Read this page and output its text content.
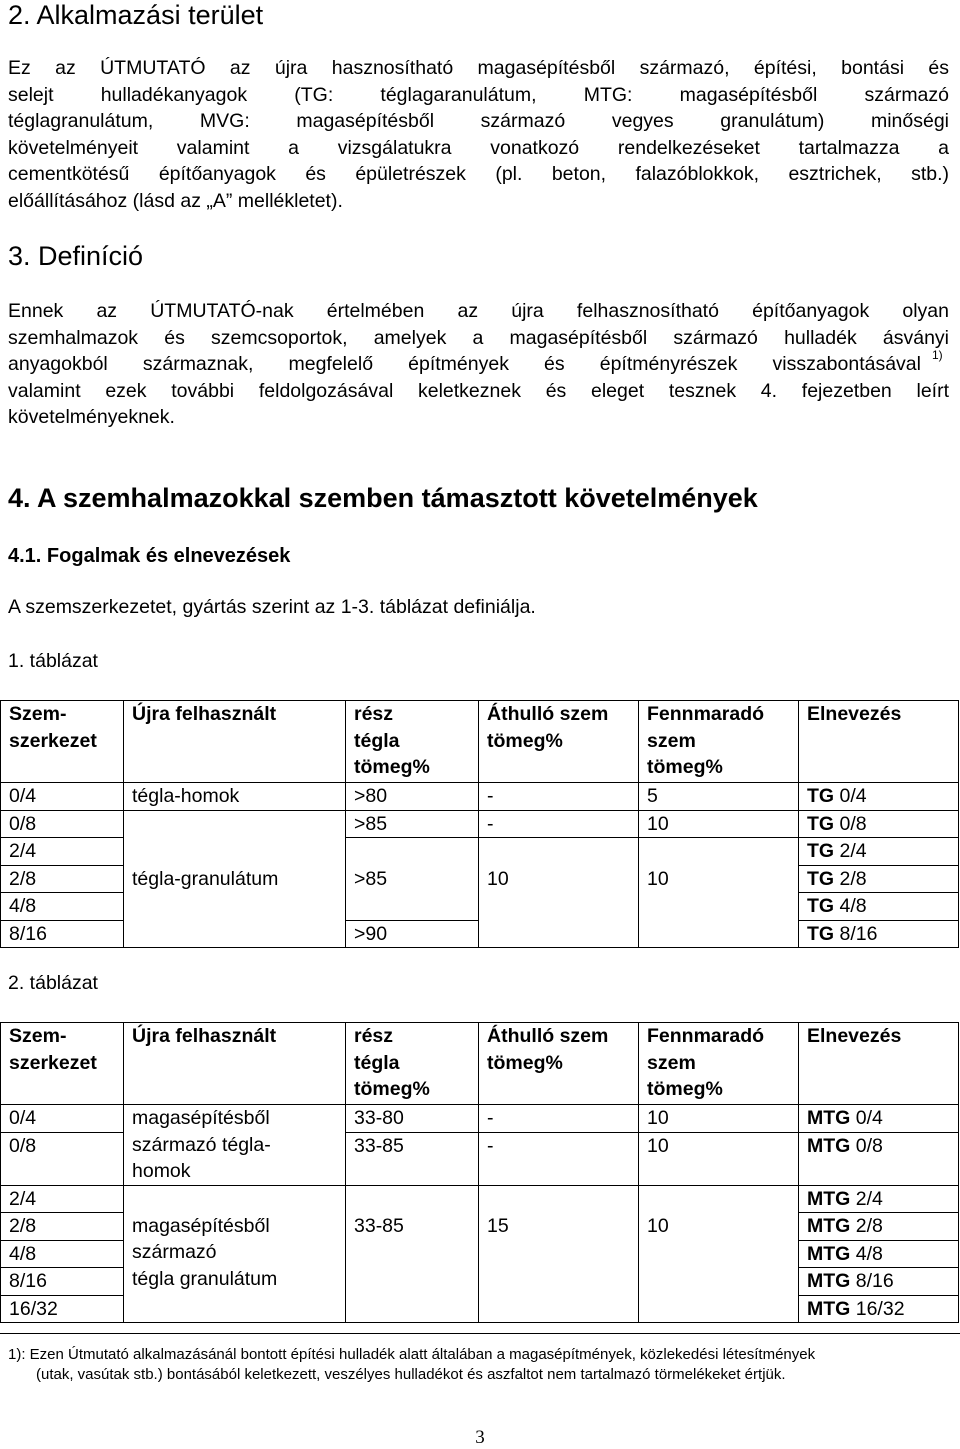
2. Alkalmazási terület
Ez az ÚTMUTATÓ az újra hasznosítható magasépítésből származó, építési, bontási és
selejt hulladékanyagok (TG: téglagaranulátum, MTG: magasépítésből származó
téglagranulátum, MVG: magasépítésből származó vegyes granulátum) minőségi
követelményeit valamint a vizsgálatukra vonatkozó rendelkezéseket tartalmazza a
cementkötésű építőanyagok és épületrészek (pl. beton, falazóblokkok, esztrichek, stb.)
előállításához (lásd az „A” mellékletet).
3. Definíció
Ennek az ÚTMUTATÓ-nak értelmében az újra felhasznosítható építőanyagok olyan
szemhalmazok és szemcsoportok, amelyek a magasépítésből származó hulladék ásványi
anyagokból származnak, megfelelő építmények és építményrészek visszabontásával
valamint ezek további feldolgozásával keletkeznek és eleget tesznek 4. fejezetben leírt
követelményeknek.
1)
4. A szemhalmazokkal szemben támasztott követelmények
4.1. Fogalmak és elnevezések
A szemszerkezetet, gyártás szerint az 1-3. táblázat definiálja.
1. táblázat
Szem-
szerkezet	Újra felhasznált	rész
tégla
tömeg%	Áthulló szem
tömeg%	Fennmaradó
szem
tömeg%	Elnevezés

0/4	tégla-homok	>80	-	5	TG 0/4
0/8	tégla-granulátum	>85	-	10	TG 0/8
2/4		>85	10	10	TG 2/4
2/8					TG 2/8
4/8					TG 4/8
8/16		>90			TG 8/16
2. táblázat
Szem-
szerkezet	Újra felhasznált	rész
tégla
tömeg%	Áthulló szem
tömeg%	Fennmaradó
szem
tömeg%	Elnevezés

0/4	magasépítésből
származó tégla-
homok	33-80	-	10	MTG 0/4
0/8		33-85	-	10	MTG 0/8
2/4	magasépítésből
származó
tégla granulátum	33-85	15	10	MTG 2/4
2/8					MTG 2/8
4/8					MTG 4/8
8/16					MTG 8/16
16/32					MTG 16/32
1): Ezen Útmutató alkalmazásánál bontott építési hulladék alatt általában a magasépítmények, közlekedési létesítmények
(utak, vasútak stb.) bontásából keletkezett, veszélyes hulladékot és aszfaltot nem tartalmazó törmelékeket értjük.
3
